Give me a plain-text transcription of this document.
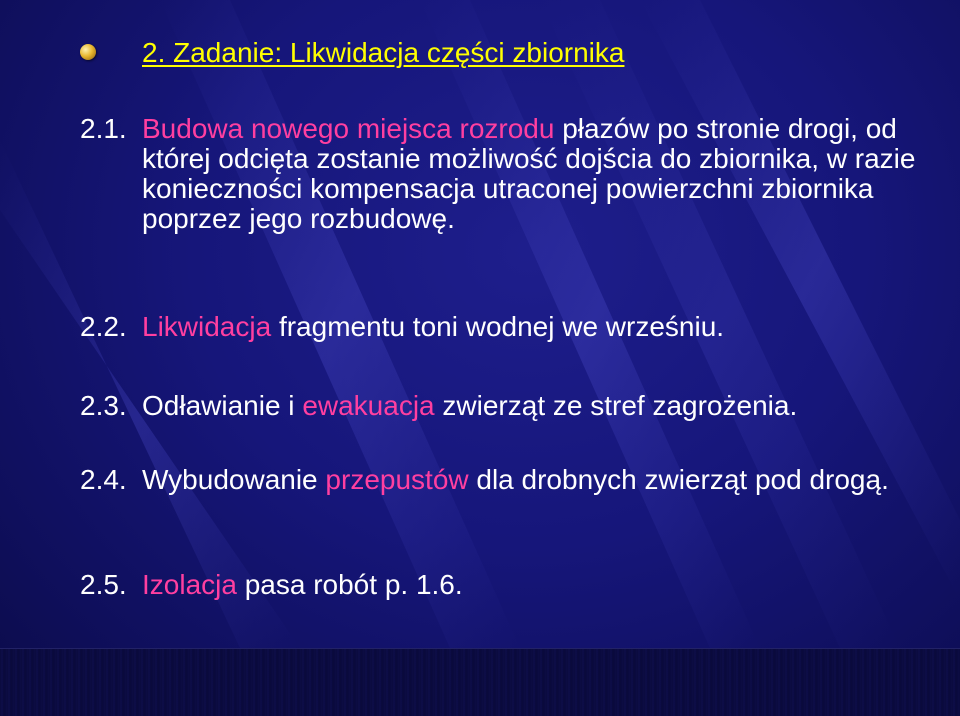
2. Zadanie: Likwidacja części zbiornika
2.1. Budowa nowego miejsca rozrodu płazów po stronie drogi, od której odcięta zostanie możliwość dojścia do zbiornika, w razie konieczności kompensacja utraconej powierzchni zbiornika poprzez jego rozbudowę.
2.2. Likwidacja fragmentu toni wodnej we wrześniu.
2.3. Odławianie i ewakuacja zwierząt ze stref zagrożenia.
2.4. Wybudowanie przepustów dla drobnych zwierząt pod drogą.
2.5. Izolacja pasa robót p. 1.6.
